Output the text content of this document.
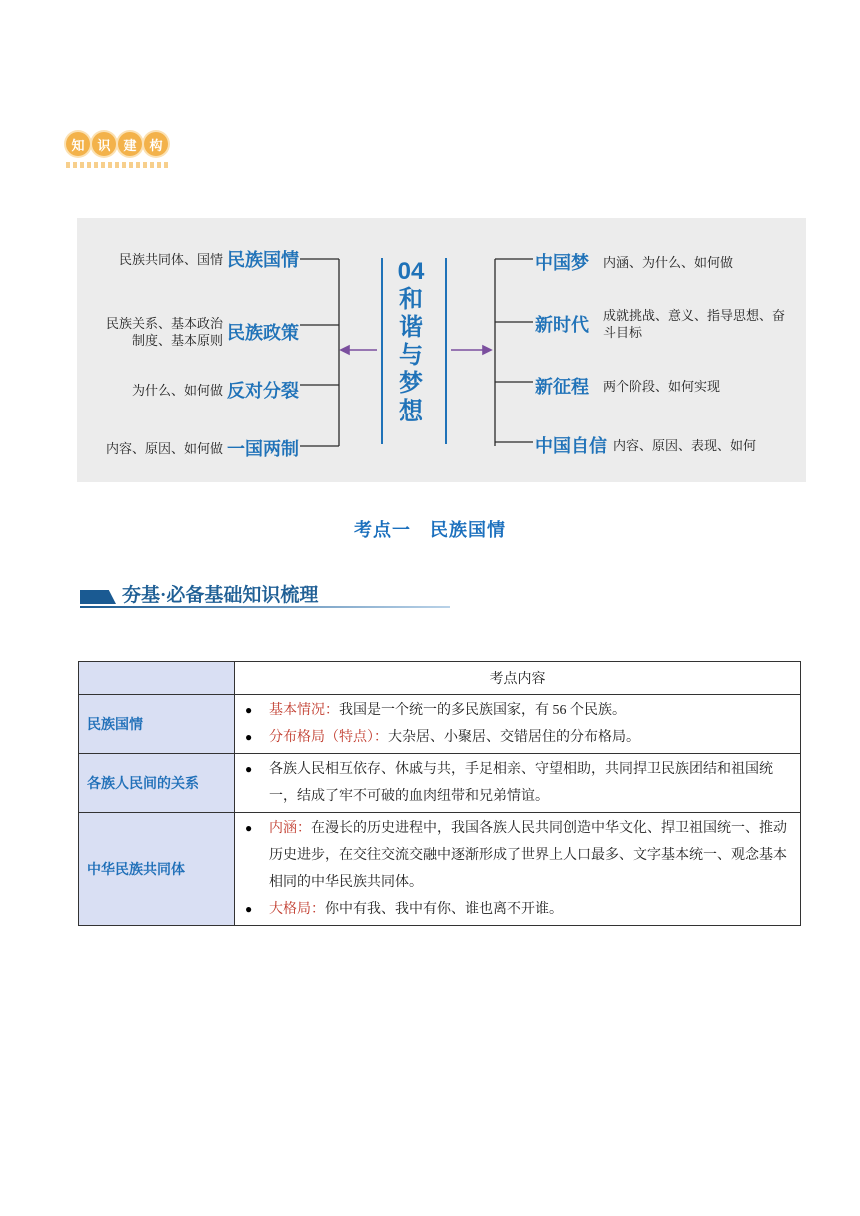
知 识 建 构
04和谐与梦想
民族共同体、国情 民族国情
民族关系、基本政治制度、基本原则 民族政策
为什么、如何做 反对分裂
内容、原因、如何做 一国两制
中国梦 内涵、为什么、如何做
新时代 成就挑战、意义、指导思想、奋斗目标
新征程 两个阶段、如何实现
中国自信 内容、原因、表现、如何
考点一　民族国情
夯基·必备基础知识梳理
	考点内容
民族国情	● 基本情况：我国是一个统一的多民族国家，有 56 个民族。
● 分布格局（特点）：大杂居、小聚居、交错居住的分布格局。

各族人民间的关系	● 各族人民相互依存、休戚与共，手足相亲、守望相助，共同捍卫民族团结和祖国统一，结成了牢不可破的血肉纽带和兄弟情谊。

中华民族共同体	● 内涵：在漫长的历史进程中，我国各族人民共同创造中华文化、捍卫祖国统一、推动历史进步，在交往交流交融中逐渐形成了世界上人口最多、文字基本统一、观念基本相同的中华民族共同体。
● 大格局：你中有我、我中有你、谁也离不开谁。
